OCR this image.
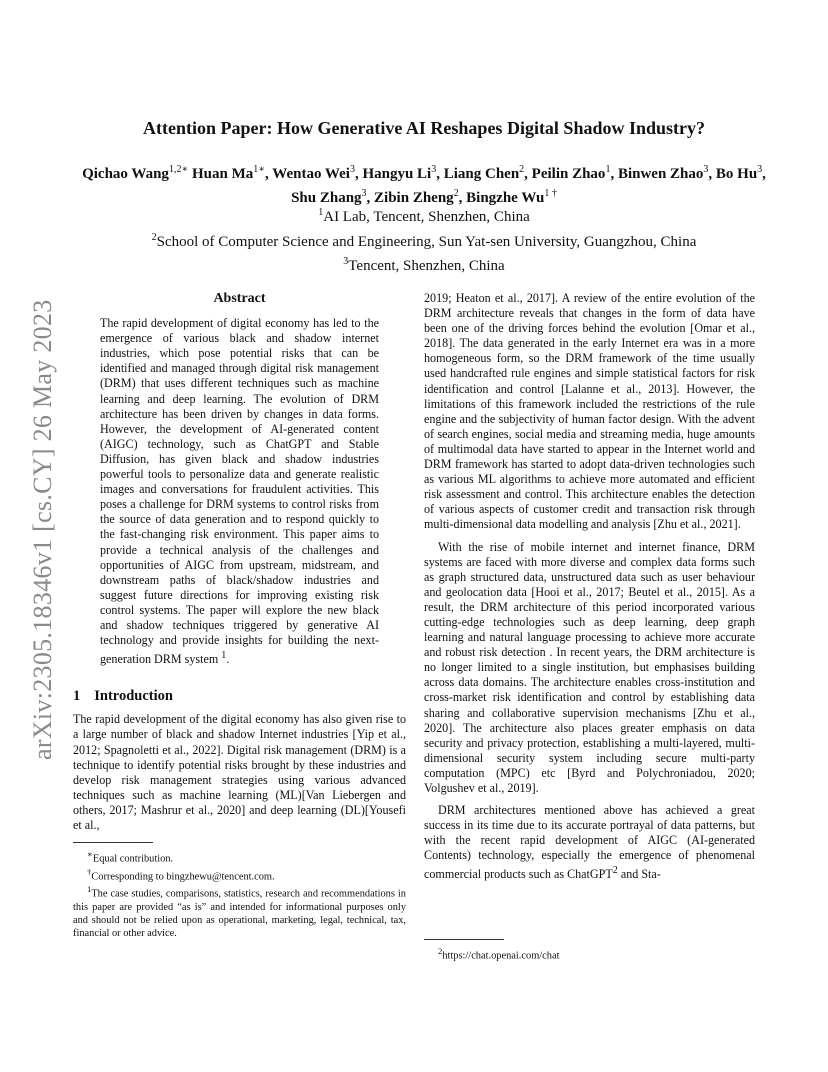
arXiv:2305.18346v1 [cs.CY] 26 May 2023
Attention Paper: How Generative AI Reshapes Digital Shadow Industry?
Qichao Wang$^{1,2∗}$ Huan $Ma^{1∗}$, Wentao Wei$^3$, Hangyu Li$^3$, Liang Chen$^2$, Peilin Zhao$^1$, Binwen Zhao$^3$, Bo Hu$^3$, Shu Zhang$^3$, Zibin Zheng$^2$, Bingzhe $Wu^{1 \dagger}$
$^1$AI Lab, Tencent, Shenzhen, China
$^2$School of Computer Science and Engineering, Sun Yat-sen University, Guangzhou, China
$^3$Tencent, Shenzhen, China
Abstract

The rapid development of digital economy has led to the emergence of various black and shadow internet industries, which pose potential risks that can be identified and managed through digital risk management (DRM) that uses different techniques such as machine learning and deep learning. The evolution of DRM architecture has been driven by changes in data forms. However, the development of AI-generated content (AIGC) technology, such as ChatGPT and Stable Diffusion, has given black and shadow industries powerful tools to personalize data and generate realistic images and conversations for fraudulent activities. This poses a challenge for DRM systems to control risks from the source of data generation and to respond quickly to the fast-changing risk environment. This paper aims to provide a technical analysis of the challenges and opportunities of AIGC from upstream, midstream, and downstream paths of black/shadow industries and suggest future directions for improving existing risk control systems. The paper will explore the new black and shadow techniques triggered by generative AI technology and provide insights for building the next-generation DRM system $^1$.

1 Introduction

The rapid development of the digital economy has also given rise to a large number of black and shadow Internet industries [Yip et al., 2012; Spagnoletti et al., 2022]. Digital risk management (DRM) is a technique to identify potential risks brought by these industries and develop risk management strategies using various advanced techniques such as machine learning (ML)[Van Liebergen and others, 2017; Mashrur et al., 2020] and deep learning (DL)[Yousefi et al.,

∗Equal contribution.
†Corresponding to bingzhewu@tencent.com.
$^1$The case studies, comparisons, statistics, research and recommendations in this paper are provided “as is” and intended for informational purposes only and should not be relied upon as operational, marketing, legal, technical, tax, financial or other advice.

2019; Heaton et al., 2017]. A review of the entire evolution of the DRM architecture reveals that changes in the form of data have been one of the driving forces behind the evolution [Omar et al., 2018]. The data generated in the early Internet era was in a more homogeneous form, so the DRM framework of the time usually used handcrafted rule engines and simple statistical factors for risk identification and control [Lalanne et al., 2013]. However, the limitations of this framework included the restrictions of the rule engine and the subjectivity of human factor design. With the advent of search engines, social media and streaming media, huge amounts of multimodal data have started to appear in the Internet world and DRM framework has started to adopt data-driven technologies such as various ML algorithms to achieve more automated and efficient risk assessment and control. This architecture enables the detection of various aspects of customer credit and transaction risk through multi-dimensional data modelling and analysis [Zhu et al., 2021].

With the rise of mobile internet and internet finance, DRM systems are faced with more diverse and complex data forms such as graph structured data, unstructured data such as user behaviour and geolocation data [Hooi et al., 2017; Beutel et al., 2015]. As a result, the DRM architecture of this period incorporated various cutting-edge technologies such as deep learning, deep graph learning and natural language processing to achieve more accurate and robust risk detection . In recent years, the DRM architecture is no longer limited to a single institution, but emphasises building across data domains. The architecture enables cross-institution and cross-market risk identification and control by establishing data sharing and collaborative supervision mechanisms [Zhu et al., 2020]. The architecture also places greater emphasis on data security and privacy protection, establishing a multi-layered, multi-dimensional security system including secure multi-party computation (MPC) etc [Byrd and Polychroniadou, 2020; Volgushev et al., 2019].

DRM architectures mentioned above has achieved a great success in its time due to its accurate portrayal of data patterns, but with the recent rapid development of AIGC (AI-generated Contents) technology, especially the emergence of phenomenal commercial products such as ChatGPT$^2$ and Sta-

$^2$https://chat.openai.com/chat
